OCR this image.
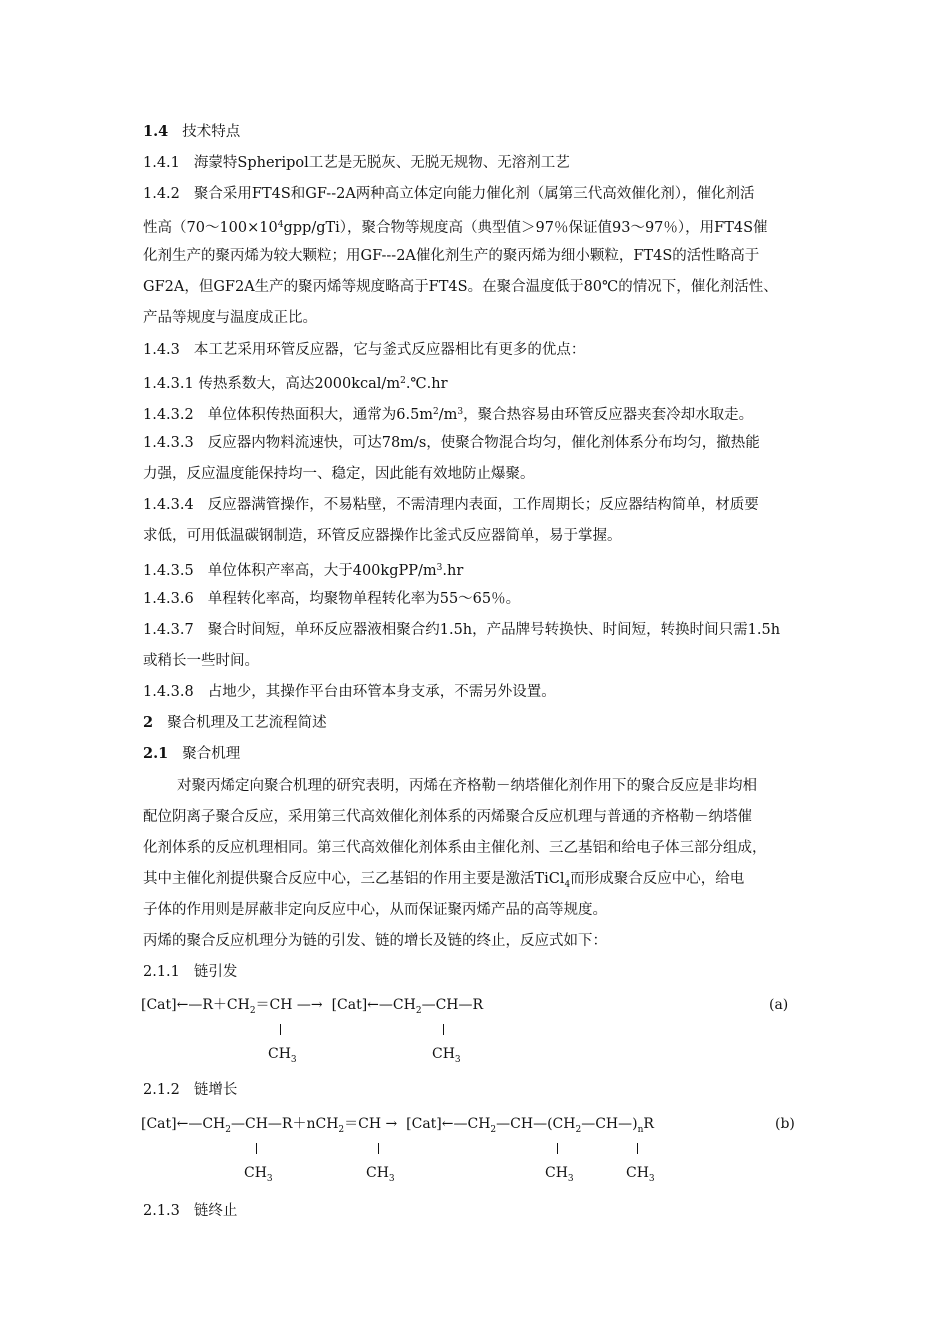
1.4 技术特点
1.4.1 海蒙特Spheripol工艺是无脱灰、无脱无规物、无溶剂工艺
1.4.2 聚合采用FT4S和GF--2A两种高立体定向能力催化剂（属第三代高效催化剂），催化剂活
性高$(70\sim 100\times 10^4gpp/gTi)$，聚合物等规度高（典型值＞97％保证值93～97％），用FT4S催
化剂生产的聚丙烯为较大颗粒；用GF---2A催化剂生产的聚丙烯为细小颗粒，FT4S的活性略高于
GF2A，但GF2A生产的聚丙烯等规度略高于FT4S。在聚合温度低于80℃的情况下，催化剂活性、
产品等规度与温度成正比。
1.4.3 本工艺采用环管反应器，它与釜式反应器相比有更多的优点：
1.4.3.1 传热系数大，高达$2000kcal/m^2.℃.hr$
1.4.3.2 单位体积传热面积大，通常为$6.5m^2/m^3$，聚合热容易由环管反应器夹套冷却水取走。
1.4.3.3 反应器内物料流速快，可达78m/s，使聚合物混合均匀，催化剂体系分布均匀，撤热能
力强，反应温度能保持均一、稳定，因此能有效地防止爆聚。
1.4.3.4 反应器满管操作，不易粘壁，不需清理内表面，工作周期长；反应器结构简单，材质要
求低，可用低温碳钢制造，环管反应器操作比釜式反应器简单，易于掌握。
1.4.3.5 单位体积产率高，大于$400kgPP/m^3.hr$
1.4.3.6 单程转化率高，均聚物单程转化率为55～65％。
1.4.3.7 聚合时间短，单环反应器液相聚合约1.5h，产品牌号转换快、时间短，转换时间只需1.5h
或稍长一些时间。
1.4.3.8 占地少，其操作平台由环管本身支承，不需另外设置。
2 聚合机理及工艺流程简述
2.1 聚合机理
对聚丙烯定向聚合机理的研究表明，丙烯在齐格勒－纳塔催化剂作用下的聚合反应是非均相
配位阴离子聚合反应，采用第三代高效催化剂体系的丙烯聚合反应机理与普通的齐格勒－纳塔催
化剂体系的反应机理相同。第三代高效催化剂体系由主催化剂、三乙基铝和给电子体三部分组成，
其中主催化剂提供聚合反应中心，三乙基铝的作用主要是激活TiCl$_4$而形成聚合反应中心，给电
子体的作用则是屏蔽非定向反应中心，从而保证聚丙烯产品的高等规度。
丙烯的聚合反应机理分为链的引发、链的增长及链的终止，反应式如下：
2.1.1 链引发
$[Cat]\leftarrow—R+CH_2=CH$ —→ $[Cat]\leftarrow—CH_2—CH—R$	(a)
$CH_3$	$CH_3$
2.1.2 链增长
$[Cat]\leftarrow—CH_2—CH—R+nCH_2=CH$ → $[Cat]\leftarrow—CH_2—CH—(CH_2—CH—)_nR$	(b)
$CH_3$	$CH_3$	$CH_3$	$CH_3$
2.1.3 链终止
